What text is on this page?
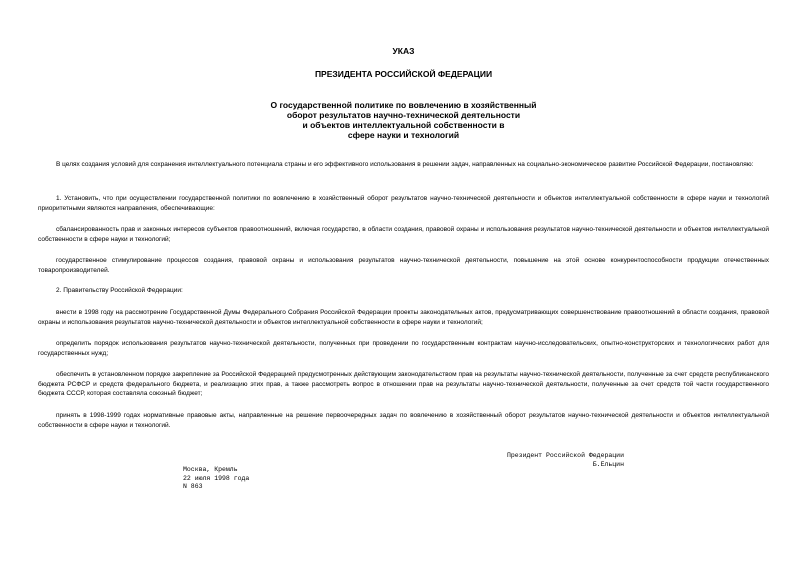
УКАЗ
ПРЕЗИДЕНТА РОССИЙСКОЙ ФЕДЕРАЦИИ
О государственной политике по вовлечению в хозяйственный
оборот результатов научно-технической деятельности
и объектов интеллектуальной собственности в
сфере науки и технологий

В целях создания условий для сохранения интеллектуального потенциала страны и его эффективного использования в решении задач, направленных на социально-экономическое развитие Российской Федерации, постановляю:

1. Установить, что при осуществлении государственной политики по вовлечению в хозяйственный оборот результатов научно-технической деятельности и объектов интеллектуальной собственности в сфере науки и технологий приоритетными являются направления, обеспечивающие:

сбалансированность прав и законных интересов субъектов правоотношений, включая государство, в области создания, правовой охраны и использования результатов научно-технической деятельности и объектов интеллектуальной собственности в сфере науки и технологий;

государственное стимулирование процессов создания, правовой охраны и использования результатов научно-технической деятельности, повышение на этой основе конкурентоспособности продукции отечественных товаропроизводителей.

2. Правительству Российской Федерации:

внести в 1998 году на рассмотрение Государственной Думы Федерального Собрания Российской Федерации проекты законодательных актов, предусматривающих совершенствование правоотношений в области создания, правовой охраны и использования результатов научно-технической деятельности и объектов интеллектуальной собственности в сфере науки и технологий;

определить порядок использования результатов научно-технической деятельности, полученных при проведении по государственным контрактам научно-исследовательских, опытно-конструкторских и технологических работ для государственных нужд;

обеспечить в установленном порядке закрепление за Российской Федерацией предусмотренных действующим законодательством прав на результаты научно-технической деятельности, полученные за счет средств республиканского бюджета РСФСР и средств федерального бюджета, и реализацию этих прав, а также рассмотреть вопрос в отношении прав на результаты научно-технической деятельности, полученные за счет средств той части государственного бюджета СССР, которая составляла союзный бюджет;

принять в 1998-1999 годах нормативные правовые акты, направленные на решение первоочередных задач по вовлечению в хозяйственный оборот результатов научно-технической деятельности и объектов интеллектуальной собственности в сфере науки и технологий.

Президент Российской Федерации
Б.Ельцин
Москва, Кремль
22 июля 1998 года
N 863
